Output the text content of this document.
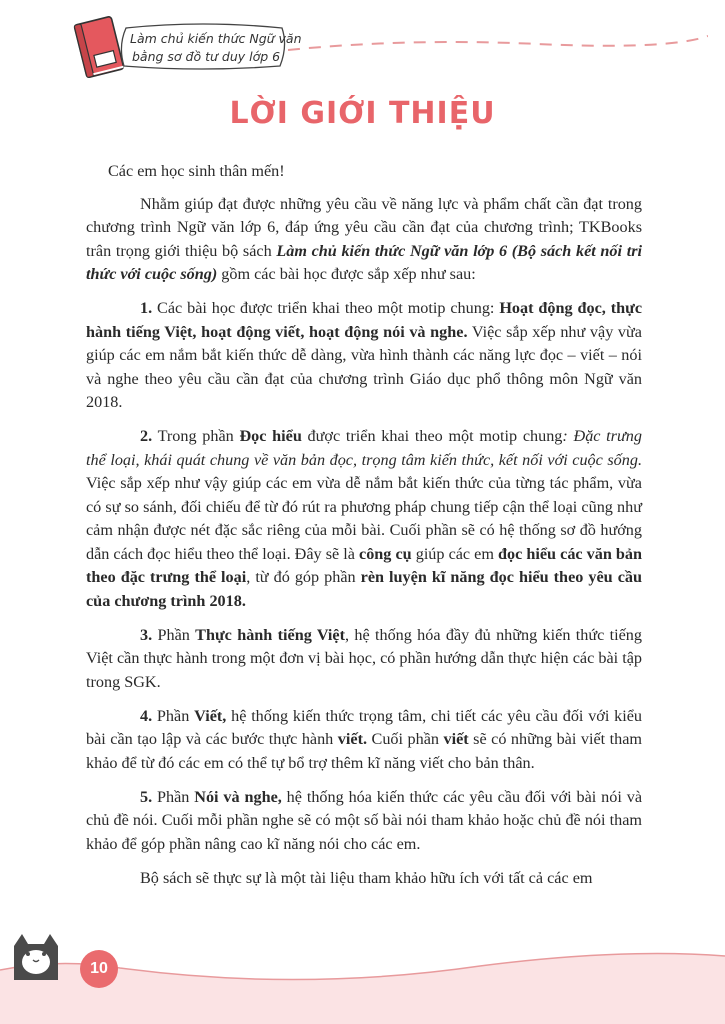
Làm chủ kiến thức Ngữ văn
bằng sơ đồ tư duy lớp 6
LỜI GIỚI THIỆU

Các em học sinh thân mến!

Nhằm giúp đạt được những yêu cầu về năng lực và phẩm chất cần đạt trong chương trình Ngữ văn lớp 6, đáp ứng yêu cầu cần đạt của chương trình; TKBooks trân trọng giới thiệu bộ sách Làm chủ kiến thức Ngữ văn lớp 6 (Bộ sách kết nối tri thức với cuộc sống) gồm các bài học được sắp xếp như sau:

1. Các bài học được triển khai theo một motip chung: Hoạt động đọc, thực hành tiếng Việt, hoạt động viết, hoạt động nói và nghe. Việc sắp xếp như vậy vừa giúp các em nắm bắt kiến thức dễ dàng, vừa hình thành các năng lực đọc – viết – nói và nghe theo yêu cầu cần đạt của chương trình Giáo dục phổ thông môn Ngữ văn 2018.

2. Trong phần Đọc hiểu được triển khai theo một motip chung: Đặc trưng thể loại, khái quát chung về văn bản đọc, trọng tâm kiến thức, kết nối với cuộc sống. Việc sắp xếp như vậy giúp các em vừa dễ nắm bắt kiến thức của từng tác phẩm, vừa có sự so sánh, đối chiếu để từ đó rút ra phương pháp chung tiếp cận thể loại cũng như cảm nhận được nét đặc sắc riêng của mỗi bài. Cuối phần sẽ có hệ thống sơ đồ hướng dẫn cách đọc hiểu theo thể loại. Đây sẽ là công cụ giúp các em đọc hiểu các văn bản theo đặc trưng thể loại, từ đó góp phần rèn luyện kĩ năng đọc hiểu theo yêu cầu của chương trình 2018.

3. Phần Thực hành tiếng Việt, hệ thống hóa đầy đủ những kiến thức tiếng Việt cần thực hành trong một đơn vị bài học, có phần hướng dẫn thực hiện các bài tập trong SGK.

4. Phần Viết, hệ thống kiến thức trọng tâm, chi tiết các yêu cầu đối với kiểu bài cần tạo lập và các bước thực hành viết. Cuối phần viết sẽ có những bài viết tham khảo để từ đó các em có thể tự bổ trợ thêm kĩ năng viết cho bản thân.

5. Phần Nói và nghe, hệ thống hóa kiến thức các yêu cầu đối với bài nói và chủ đề nói. Cuối mỗi phần nghe sẽ có một số bài nói tham khảo hoặc chủ đề nói tham khảo để góp phần nâng cao kĩ năng nói cho các em.

Bộ sách sẽ thực sự là một tài liệu tham khảo hữu ích với tất cả các em

10
